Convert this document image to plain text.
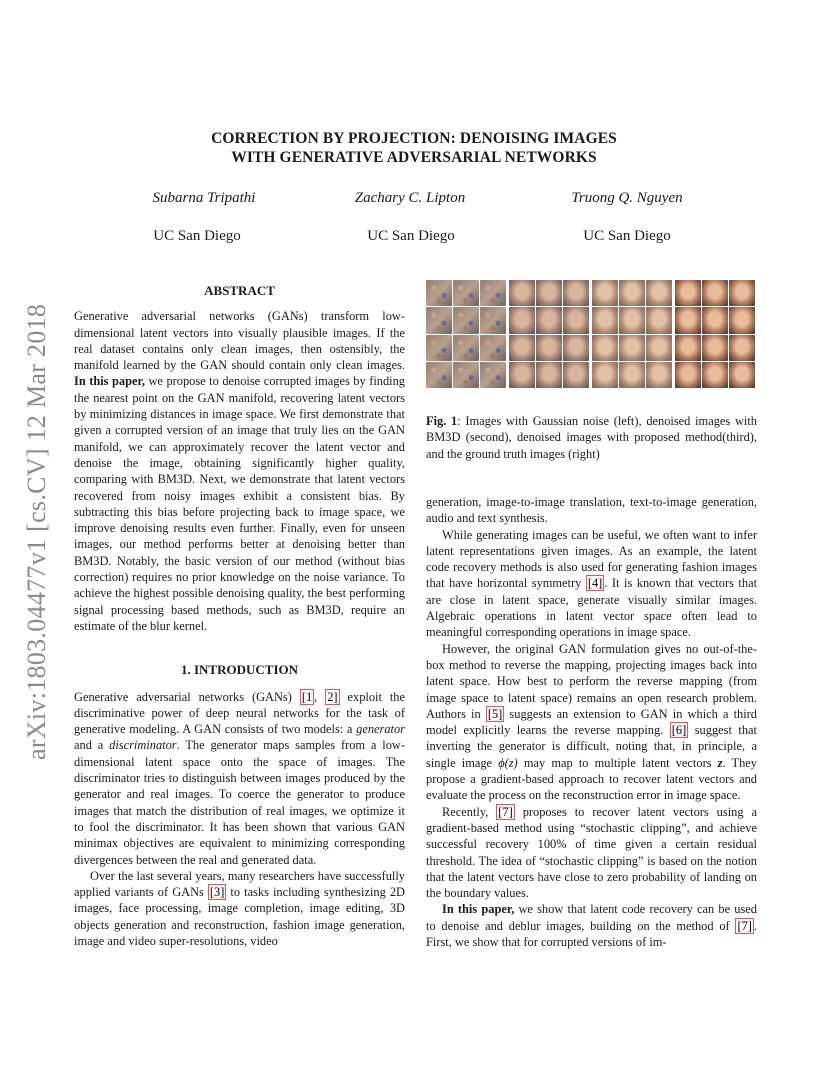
CORRECTION BY PROJECTION: DENOISING IMAGES
WITH GENERATIVE ADVERSARIAL NETWORKS
Subarna Tripathi	Zachary C. Lipton	Truong Q. Nguyen
UC San Diego	UC San Diego	UC San Diego
arXiv:1803.04477v1 [cs.CV] 12 Mar 2018
ABSTRACT

Generative adversarial networks (GANs) transform low-dimensional latent vectors into visually plausible images. If the real dataset contains only clean images, then ostensibly, the manifold learned by the GAN should contain only clean images. In this paper, we propose to denoise corrupted images by finding the nearest point on the GAN manifold, recovering latent vectors by minimizing distances in image space. We first demonstrate that given a corrupted version of an image that truly lies on the GAN manifold, we can approximately recover the latent vector and denoise the image, obtaining significantly higher quality, comparing with BM3D. Next, we demonstrate that latent vectors recovered from noisy images exhibit a consistent bias. By subtracting this bias before projecting back to image space, we improve denoising results even further. Finally, even for unseen images, our method performs better at denoising better than BM3D. Notably, the basic version of our method (without bias correction) requires no prior knowledge on the noise variance. To achieve the highest possible denoising quality, the best performing signal processing based methods, such as BM3D, require an estimate of the blur kernel.

1. INTRODUCTION

Generative adversarial networks (GANs) [1 , 2] exploit the discriminative power of deep neural networks for the task of generative modeling. A GAN consists of two models: a generator and a discriminator. The generator maps samples from a low-dimensional latent space onto the space of images. The discriminator tries to distinguish between images produced by the generator and real images. To coerce the generator to produce images that match the distribution of real images, we optimize it to fool the discriminator. It has been shown that various GAN minimax objectives are equivalent to minimizing corresponding divergences between the real and generated data.

Over the last several years, many researchers have successfully applied variants of GANs [3] to tasks including synthesizing 2D images, face processing, image completion, image editing, 3D objects generation and reconstruction, fashion image generation, image and video super-resolutions, video

Fig. 1: Images with Gaussian noise (left), denoised images with BM3D (second), denoised images with proposed method(third), and the ground truth images (right)

generation, image-to-image translation, text-to-image generation, audio and text synthesis.

While generating images can be useful, we often want to infer latent representations given images. As an example, the latent code recovery methods is also used for generating fashion images that have horizontal symmetry [4] . It is known that vectors that are close in latent space, generate visually similar images. Algebraic operations in latent vector space often lead to meaningful corresponding operations in image space.

However, the original GAN formulation gives no out-of-the-box method to reverse the mapping, projecting images back into latent space. How best to perform the reverse mapping (from image space to latent space) remains an open research problem. Authors in [5] suggests an extension to GAN in which a third model explicitly learns the reverse mapping. [6] suggest that inverting the generator is difficult, noting that, in principle, a single image ϕ(z) may map to multiple latent vectors z. They propose a gradient-based approach to recover latent vectors and evaluate the process on the reconstruction error in image space.

Recently, [7] proposes to recover latent vectors using a gradient-based method using “stochastic clipping”, and achieve successful recovery 100% of time given a certain residual threshold. The idea of “stochastic clipping” is based on the notion that the latent vectors have close to zero probability of landing on the boundary values.

In this paper, we show that latent code recovery can be used to denoise and deblur images, building on the method of [7] . First, we show that for corrupted versions of im-
